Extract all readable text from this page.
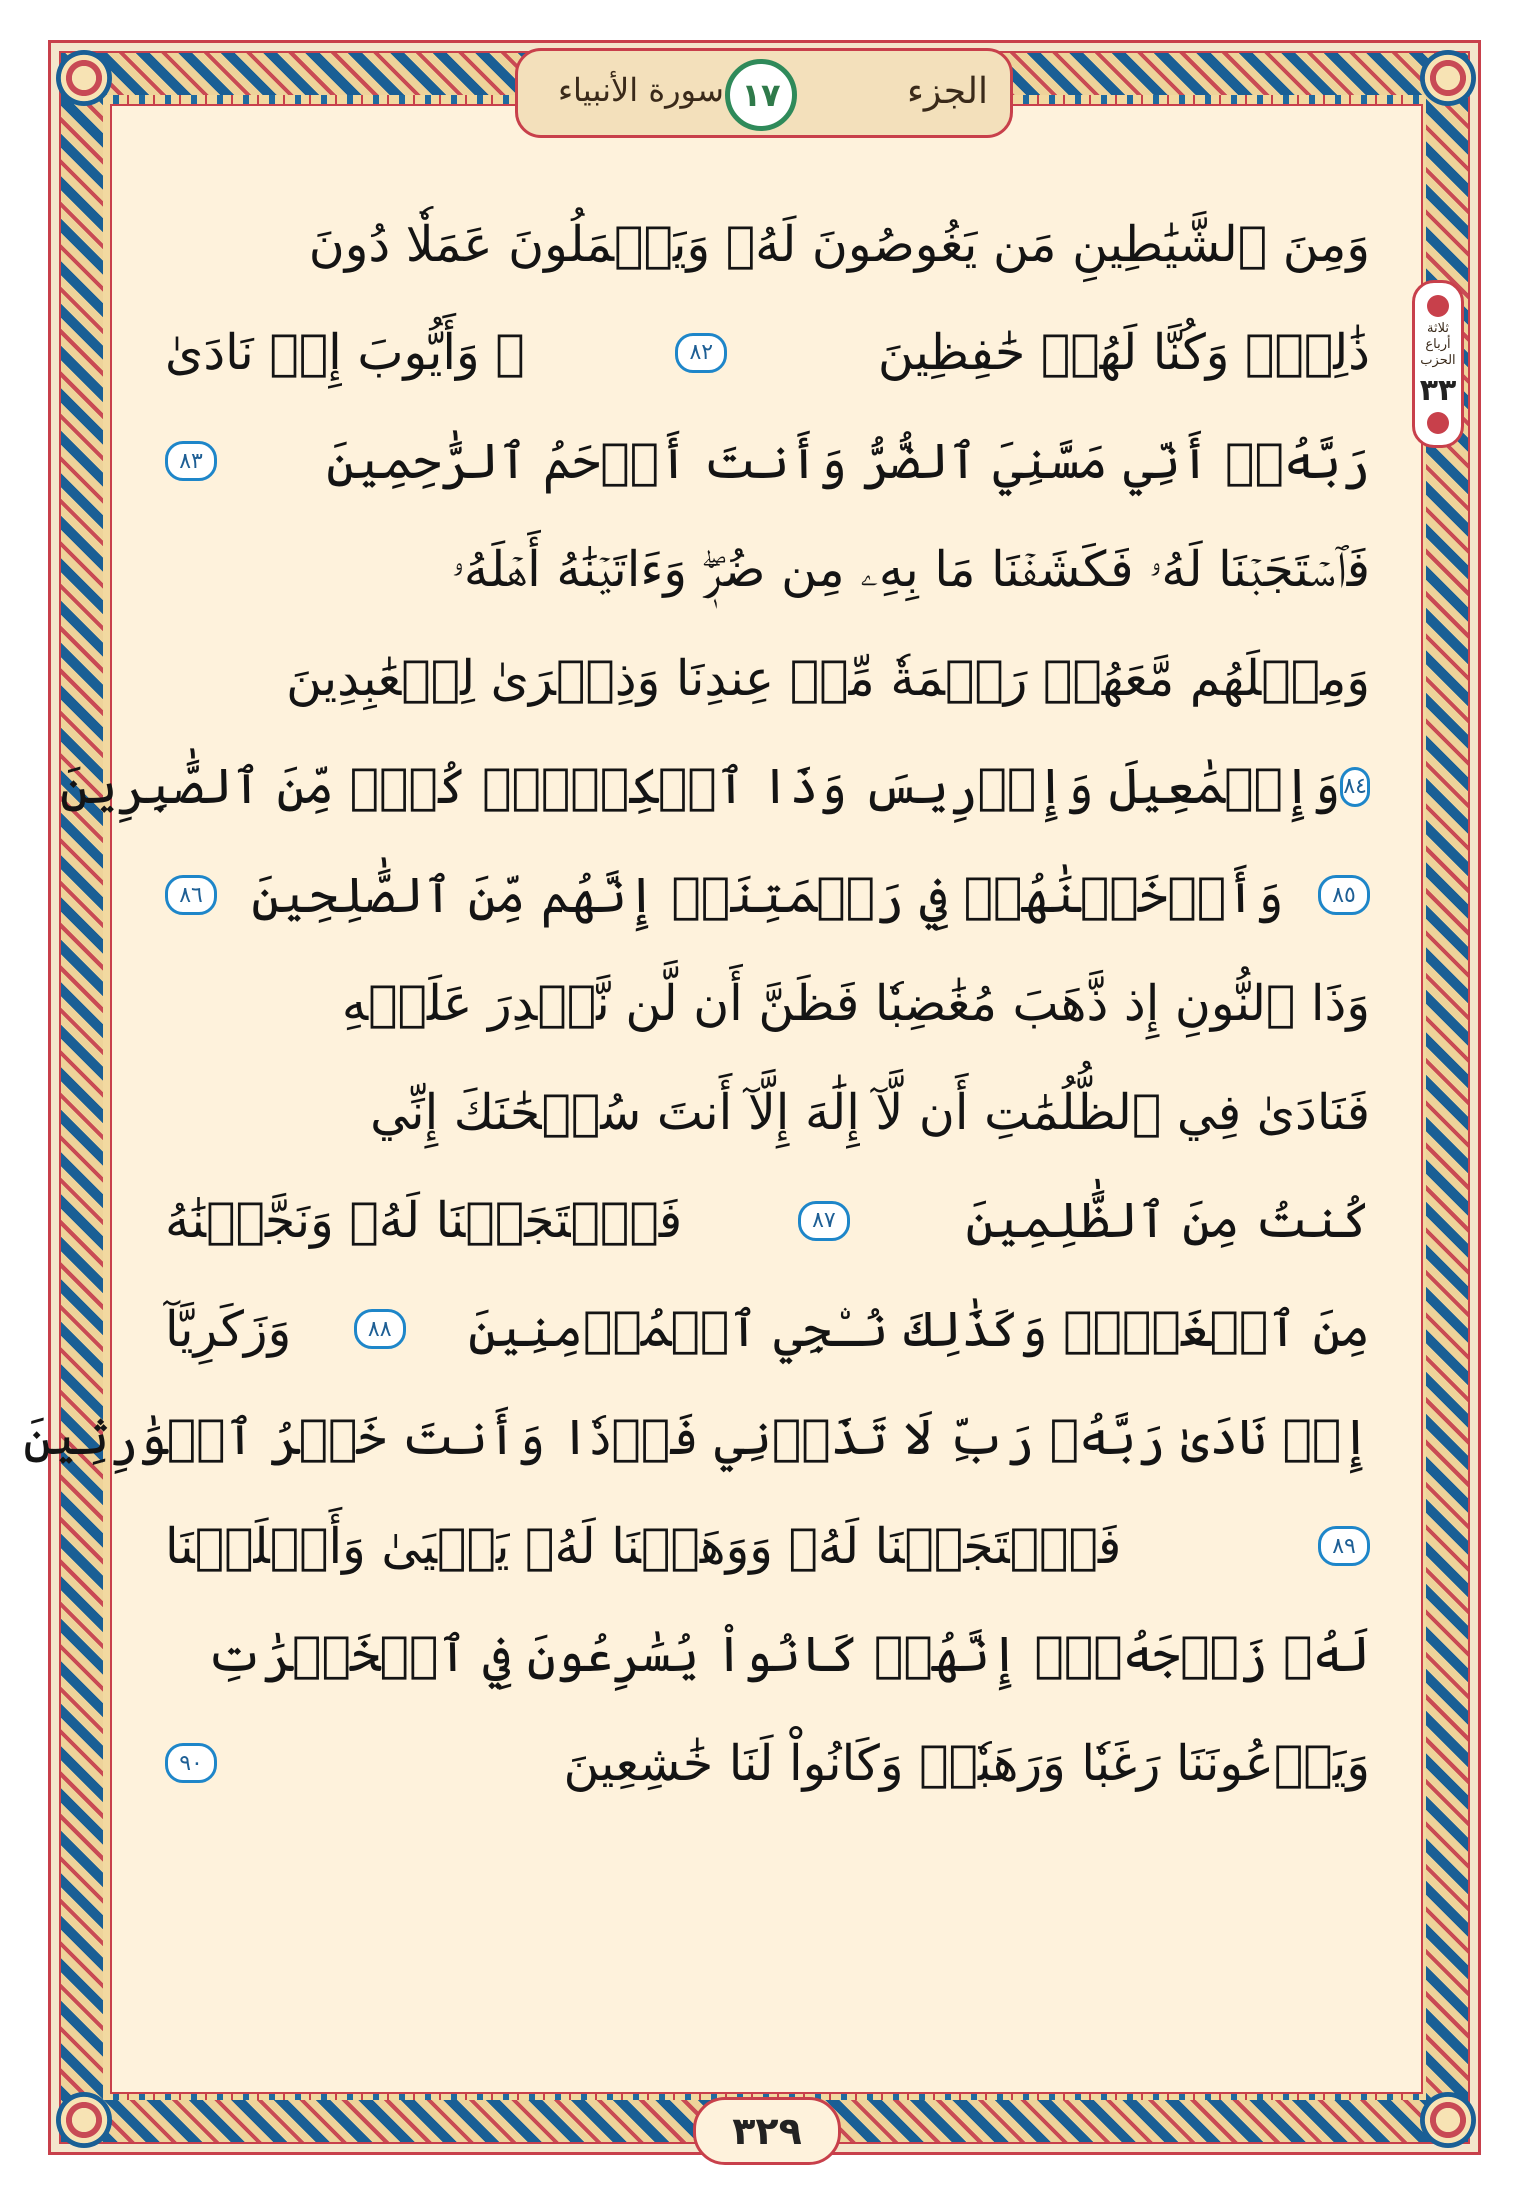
الجزء
١٧
سورة الأنبياء
ثلاثة أرباع الحزب
٣٣
وَمِنَ ٱلشَّيَٰطِينِ مَن يَغُوصُونَ لَهُۥ وَيَعۡمَلُونَ عَمَلٗا دُونَ
ذَٰلِكَۖ وَكُنَّا لَهُمۡ حَٰفِظِينَ
٨٢
۞ وَأَيُّوبَ إِذۡ نَادَىٰ
رَبَّهُۥٓ أَنِّي مَسَّنِيَ ٱلضُّرُّ وَأَنتَ أَرۡحَمُ ٱلرَّٰحِمِينَ
٨٣
فَٱسۡتَجَبۡنَا لَهُۥ فَكَشَفۡنَا مَا بِهِۦ مِن ضُرّٖۖ وَءَاتَيۡنَٰهُ أَهۡلَهُۥ
وَمِثۡلَهُم مَّعَهُمۡ رَحۡمَةٗ مِّنۡ عِندِنَا وَذِكۡرَىٰ لِلۡعَٰبِدِينَ
٨٤
وَإِسۡمَٰعِيلَ وَإِدۡرِيسَ وَذَا ٱلۡكِفۡلِۖ كُلّٞ مِّنَ ٱلصَّٰبِرِينَ
٨٥
وَأَدۡخَلۡنَٰهُمۡ فِي رَحۡمَتِنَآۖ إِنَّهُم مِّنَ ٱلصَّٰلِحِينَ
٨٦
وَذَا ٱلنُّونِ إِذ ذَّهَبَ مُغَٰضِبٗا فَظَنَّ أَن لَّن نَّقۡدِرَ عَلَيۡهِ
فَنَادَىٰ فِي ٱلظُّلُمَٰتِ أَن لَّآ إِلَٰهَ إِلَّآ أَنتَ سُبۡحَٰنَكَ إِنِّي
كُنتُ مِنَ ٱلظَّٰلِمِينَ
٨٧
فَٱسۡتَجَبۡنَا لَهُۥ وَنَجَّيۡنَٰهُ
مِنَ ٱلۡغَمِّۚ وَكَذَٰلِكَ نُـۨجِي ٱلۡمُؤۡمِنِينَ
٨٨
وَزَكَرِيَّآ
إِذۡ نَادَىٰ رَبَّهُۥ رَبِّ لَا تَذَرۡنِي فَرۡدٗا وَأَنتَ خَيۡرُ ٱلۡوَٰرِثِينَ
٨٩
فَٱسۡتَجَبۡنَا لَهُۥ وَوَهَبۡنَا لَهُۥ يَحۡيَىٰ وَأَصۡلَحۡنَا
لَهُۥ زَوۡجَهُۥٓۚ إِنَّهُمۡ كَانُواْ يُسَٰرِعُونَ فِي ٱلۡخَيۡرَٰتِ
وَيَدۡعُونَنَا رَغَبٗا وَرَهَبٗاۖ وَكَانُواْ لَنَا خَٰشِعِينَ
٩٠
٣٢٩
